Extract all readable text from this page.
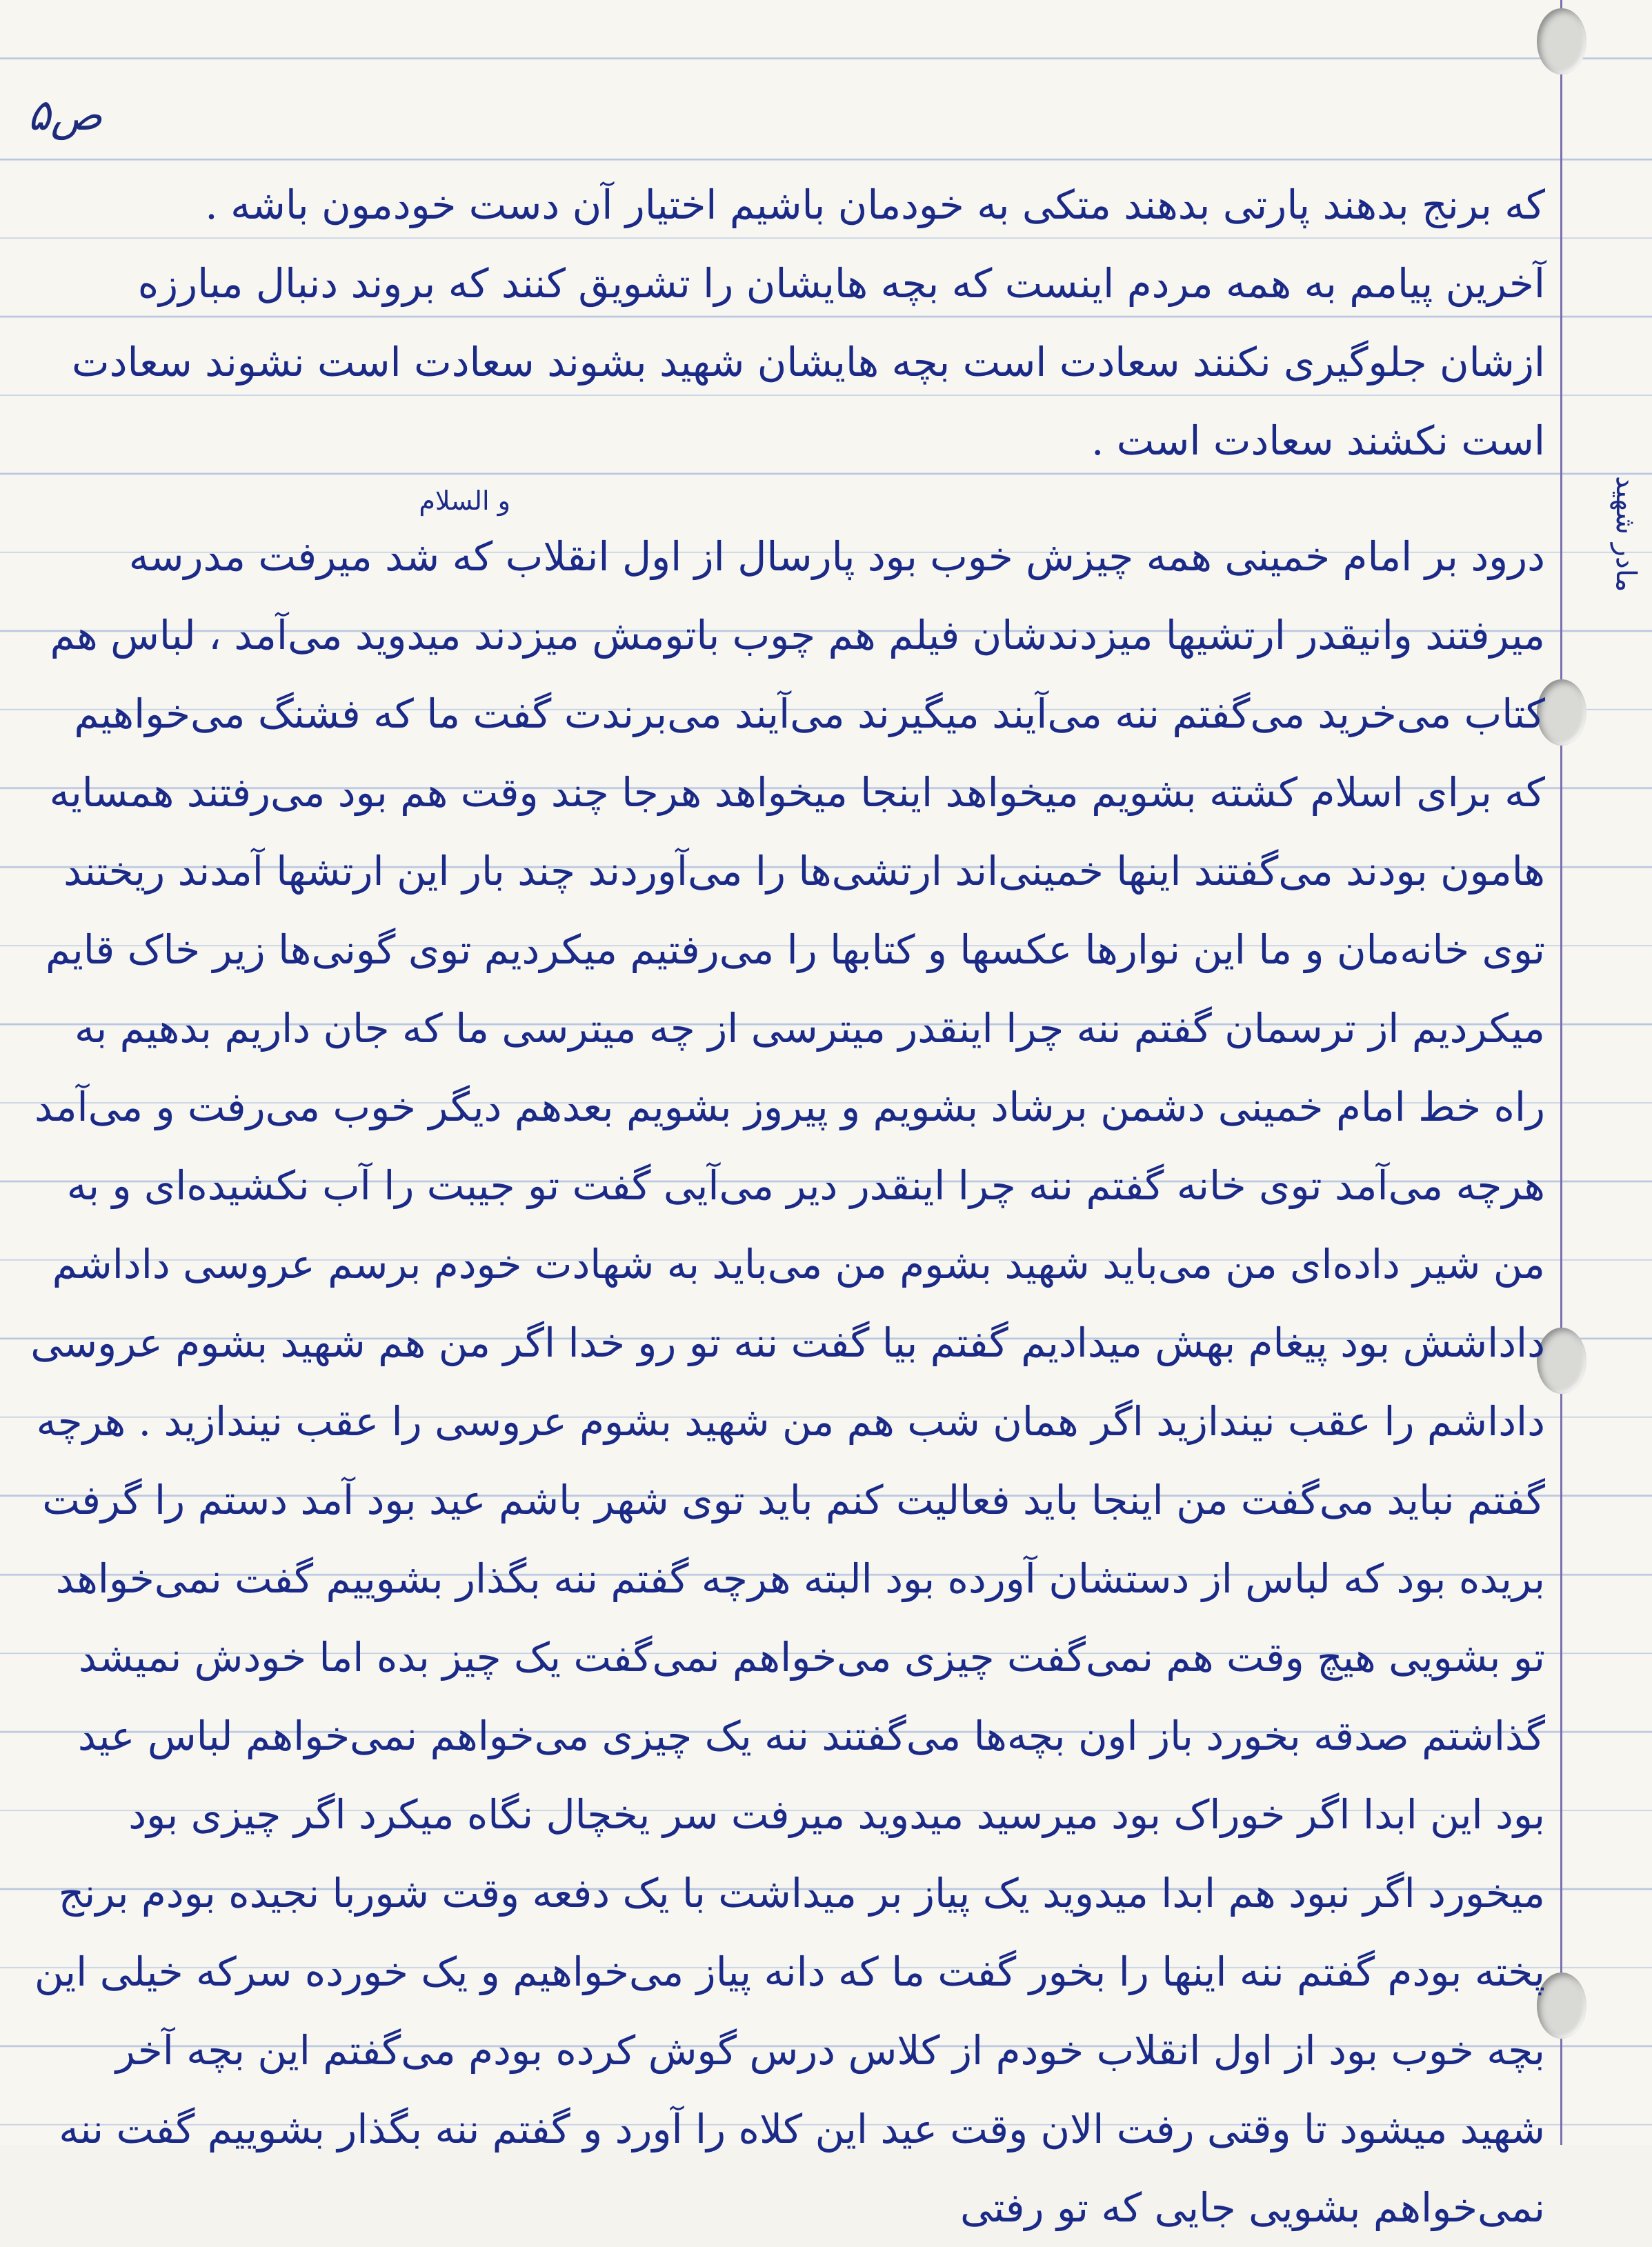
ص۵
مادر شهید

که برنج بدهند پارتی بدهند متکی به خودمان باشیم اختیار آن دست خودمون باشه .

آخرین پیامم به همه مردم اینست که بچه هایشان را تشویق کنند که بروند دنبال مبارزه ازشان جلوگیری نکنند سعادت است بچه هایشان شهید بشوند سعادت است نشوند سعادت است نکشند سعادت است .

و السلام

درود بر امام خمینی همه چیزش خوب بود پارسال از اول انقلاب که شد میرفت مدرسه میرفتند وانیقدر ارتشیها میزدندشان فیلم هم چوب باتومش میزدند میدوید می‌آمد ، لباس هم کتاب می‌خرید می‌گفتم ننه می‌آیند میگیرند می‌آیند می‌برندت گفت ما که فشنگ می‌خواهیم که برای اسلام کشته بشویم میخواهد اینجا میخواهد هرجا چند وقت هم بود می‌رفتند همسایه هامون بودند می‌گفتند اینها خمینی‌اند ارتشی‌ها را می‌آوردند چند بار این ارتشها آمدند ریختند توی خانه‌مان و ما این نوارها عکسها و کتابها را می‌رفتیم میکردیم توی گونی‌ها زیر خاک قایم میکردیم از ترسمان گفتم ننه چرا اینقدر میترسی از چه میترسی ما که جان داریم بدهیم به راه خط امام خمینی دشمن برشاد بشویم و پیروز بشویم بعدهم دیگر خوب می‌رفت و می‌آمد هرچه می‌آمد توی خانه گفتم ننه چرا اینقدر دیر می‌آیی گفت تو جیبت را آب نکشیده‌ای و به من شیر داده‌ای من می‌باید شهید بشوم من می‌باید به شهادت خودم برسم عروسی داداشم داداشش بود پیغام بهش میدادیم گفتم بیا گفت ننه تو رو خدا اگر من هم شهید بشوم عروسی داداشم را عقب نیندازید اگر همان شب هم من شهید بشوم عروسی را عقب نیندازید . هرچه گفتم نباید می‌گفت من اینجا باید فعالیت کنم باید توی شهر باشم عید بود آمد دستم را گرفت بریده بود که لباس از دستشان آورده بود البته هرچه گفتم ننه بگذار بشوییم گفت نمی‌خواهد تو بشویی هیچ وقت هم نمی‌گفت چیزی می‌خواهم نمی‌گفت یک چیز بده اما خودش نمیشد گذاشتم صدقه بخورد باز اون بچه‌ها می‌گفتند ننه یک چیزی می‌خواهم نمی‌خواهم لباس عید بود این ابدا اگر خوراک بود میرسید میدوید میرفت سر یخچال نگاه میکرد اگر چیزی بود میخورد اگر نبود هم ابدا میدوید یک پیاز بر میداشت با یک دفعه وقت شوربا نجیده بودم برنج پخته بودم گفتم ننه اینها را بخور گفت ما که دانه پیاز می‌خواهیم و یک خورده سرکه خیلی این بچه خوب بود از اول انقلاب خودم از کلاس درس گوش کرده بودم می‌گفتم این بچه آخر شهید میشود تا وقتی رفت الان وقت عید این کلاه را آورد و گفتم ننه بگذار بشوییم گفت ننه نمی‌خواهم بشویی جایی که تو رفتی
